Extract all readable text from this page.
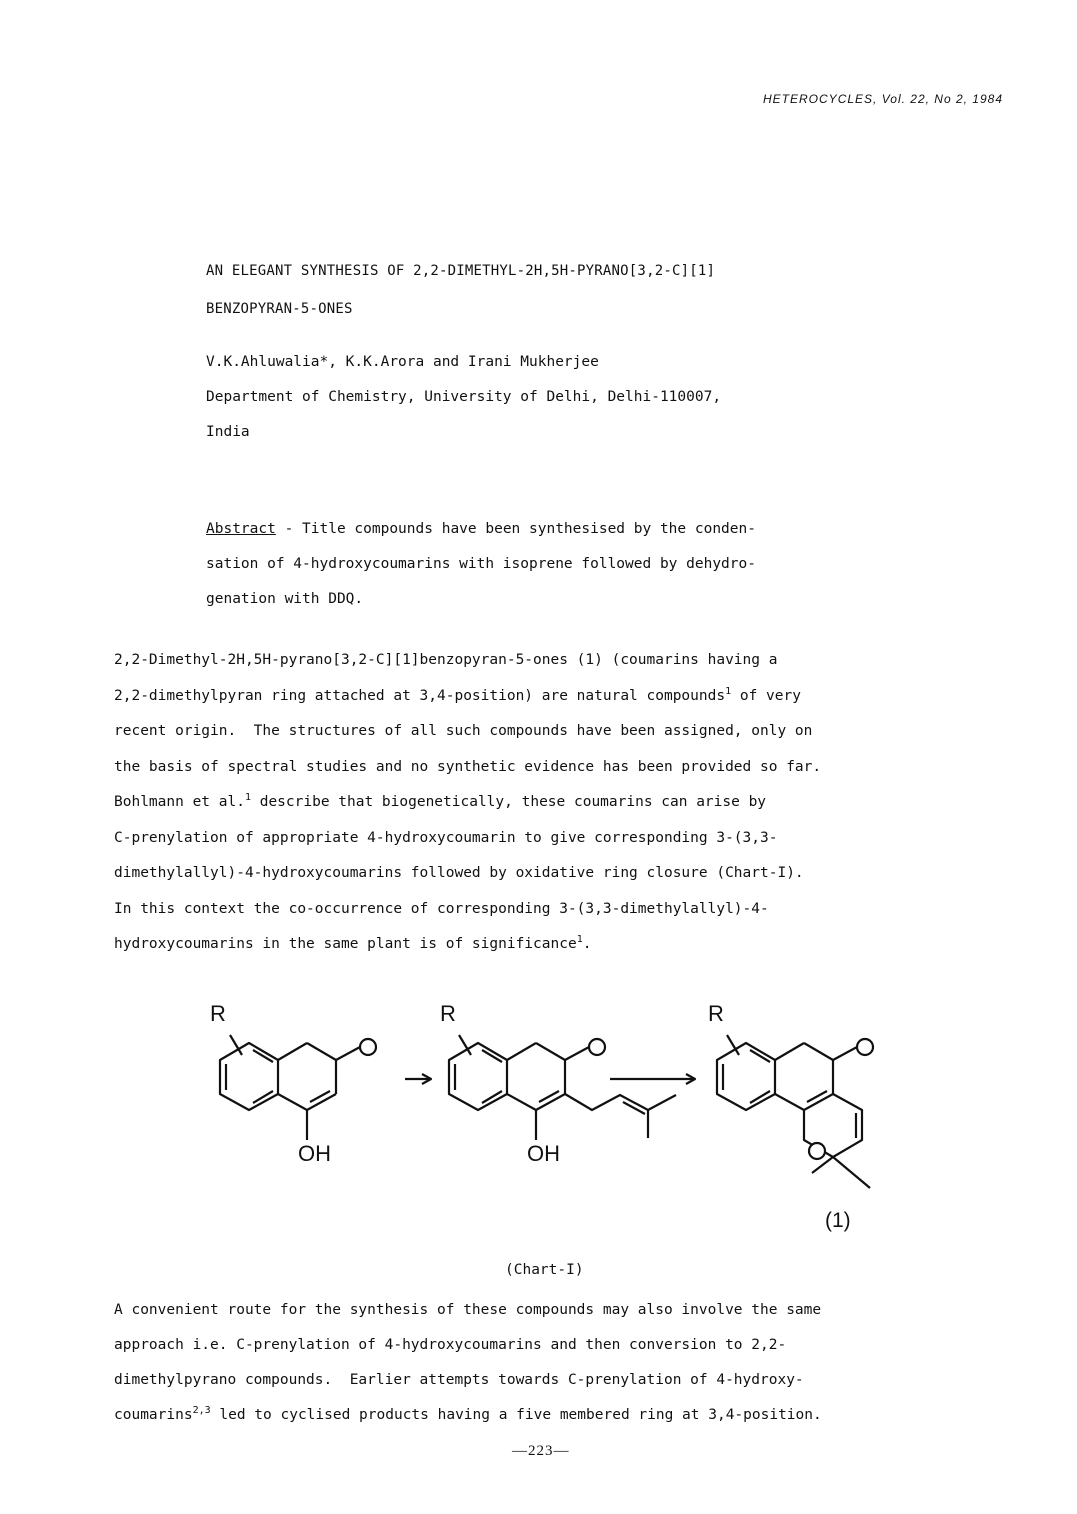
HETEROCYCLES, Vol. 22, No 2, 1984
AN ELEGANT SYNTHESIS OF 2,2-DIMETHYL-2H,5H-PYRANO[3,2-C][1]
BENZOPYRAN-5-ONES
V.K.Ahluwalia*, K.K.Arora and Irani Mukherjee
Department of Chemistry, University of Delhi, Delhi-110007,
India
Abstract - Title compounds have been synthesised by the conden-
sation of 4-hydroxycoumarins with isoprene followed by dehydro-
genation with DDQ.
2,2-Dimethyl-2H,5H-pyrano[3,2-C][1]benzopyran-5-ones (1) (coumarins having a
2,2-dimethylpyran ring attached at 3,4-position) are natural compounds$^1$ of very
recent origin.  The structures of all such compounds have been assigned, only on
the basis of spectral studies and no synthetic evidence has been provided so far.
Bohlmann et al.$^1$ describe that biogenetically, these coumarins can arise by
C-prenylation of appropriate 4-hydroxycoumarin to give corresponding 3-(3,3-
dimethylallyl)-4-hydroxycoumarins followed by oxidative ring closure (Chart-I).
In this context the co-occurrence of corresponding 3-(3,3-dimethylallyl)-4-
hydroxycoumarins in the same plant is of significance$^1$.
R	R	R
OH	OH
(1)
(Chart-I)
A convenient route for the synthesis of these compounds may also involve the same
approach i.e. C-prenylation of 4-hydroxycoumarins and then conversion to 2,2-
dimethylpyrano compounds.  Earlier attempts towards C-prenylation of 4-hydroxy-
coumarins$^{2,3}$ led to cyclised products having a five membered ring at 3,4-position.
—223—
